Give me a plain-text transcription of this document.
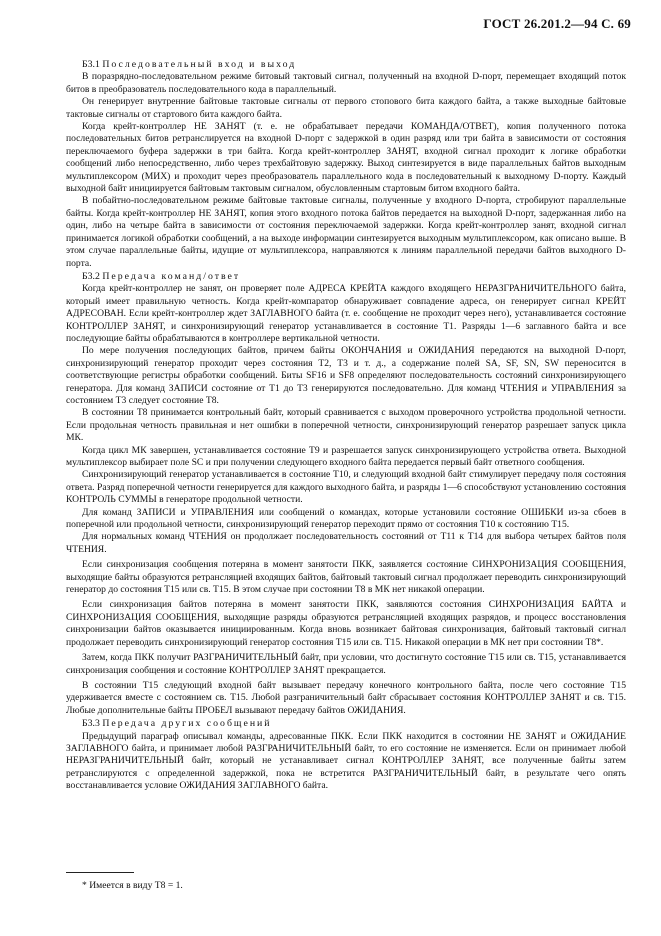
ГОСТ 26.201.2—94 С. 69
Б3.1 Последовательный вход и выход

В поразрядно-последовательном режиме битовый тактовый сигнал, полученный на входной D-порт, перемещает входящий поток битов в преобразователь последовательного кода в параллельный.

Он генерирует внутренние байтовые тактовые сигналы от первого стопового бита каждого байта, а также выходные байтовые тактовые сигналы от стартового бита каждого байта.

Когда крейт-контроллер НЕ ЗАНЯТ (т. е. не обрабатывает передачи КОМАНДА/ОТВЕТ), копия полученного потока последовательных битов ретранслируется на входной D-порт с задержкой в один разряд или три байта в зависимости от состояния переключаемого буфера задержки в три байта. Когда крейт-контроллер ЗАНЯТ, входной сигнал проходит к логике обработки сообщений либо непосредственно, либо через трехбайтовую задержку. Выход синтезируется в виде параллельных байтов выходным мультиплексором (МИХ) и проходит через преобразователь параллельного кода в последовательный к выходному D-порту. Каждый выходной байт инициируется байтовым тактовым сигналом, обусловленным стартовым битом входного байта.

В побайтно-последовательном режиме байтовые тактовые сигналы, полученные у входного D-порта, стробируют параллельные байты. Когда крейт-контроллер НЕ ЗАНЯТ, копия этого входного потока байтов передается на выходной D-порт, задержанная либо на один, либо на четыре байта в зависимости от состояния переключаемой задержки. Когда крейт-контроллер занят, входной сигнал принимается логикой обработки сообщений, а на выходе информации синтезируется выходным мультиплексором, как описано выше. В этом случае параллельные байты, идущие от мультиплексора, направляются к линиям параллельной передачи байтов выходного D-порта.

Б3.2 Передача команд/ответ

Когда крейт-контроллер не занят, он проверяет поле АДРЕСА КРЕЙТА каждого входящего НЕРАЗГРАНИЧИТЕЛЬНОГО байта, который имеет правильную четность. Когда крейт-компаратор обнаруживает совпадение адреса, он генерирует сигнал КРЕЙТ АДРЕСОВАН. Если крейт-контроллер ждет ЗАГЛАВНОГО байта (т. е. сообщение не проходит через него), устанавливается состояние КОНТРОЛЛЕР ЗАНЯТ, и синхронизирующий генератор устанавливается в состояние Т1. Разряды 1—6 заглавного байта и все последующие байты обрабатываются в контроллере вертикальной четности.

По мере получения последующих байтов, причем байты ОКОНЧАНИЯ и ОЖИДАНИЯ передаются на выходной D-порт, синхронизирующий генератор проходит через состояния Т2, Т3 и т. д., а содержание полей SA, SF, SN, SW переносится в соответствующие регистры обработки сообщений. Биты SF16 и SF8 определяют последовательность состояний синхронизирующего генератора. Для команд ЗАПИСИ состояние от Т1 до Т3 генерируются последовательно. Для команд ЧТЕНИЯ и УПРАВЛЕНИЯ за состоянием Т3 следует состояние Т8.

В состоянии Т8 принимается контрольный байт, который сравнивается с выходом проверочного устройства продольной четности. Если продольная четность правильная и нет ошибки в поперечной четности, синхронизирующий генератор разрешает запуск цикла МК.

Когда цикл МК завершен, устанавливается состояние Т9 и разрешается запуск синхронизирующего устройства ответа. Выходной мультиплексор выбирает поле SC и при получении следующего входного байта передается первый байт ответного сообщения.

Синхронизирующий генератор устанавливается в состояние Т10, и следующий входной байт стимулирует передачу поля состояния ответа. Разряд поперечной четности генерируется для каждого выходного байта, и разряды 1—6 способствуют установлению состояния КОНТРОЛЬ СУММЫ в генераторе продольной четности.

Для команд ЗАПИСИ и УПРАВЛЕНИЯ или сообщений о командах, которые установили состояние ОШИБКИ из-за сбоев в поперечной или продольной четности, синхронизирующий генератор переходит прямо от состояния Т10 к состоянию Т15.

Для нормальных команд ЧТЕНИЯ он продолжает последовательность состояний от Т11 к Т14 для выбора четырех байтов поля ЧТЕНИЯ.

Если синхронизация сообщения потеряна в момент занятости ПКК, заявляется состояние СИНХРОНИЗАЦИЯ СООБЩЕНИЯ, выходящие байты образуются ретрансляцией входящих байтов, байтовый тактовый сигнал продолжает переводить синхронизирующий генератор до состояния Т15 или св. Т15. В этом случае при состоянии Т8 в МК нет никакой операции.

Если синхронизация байтов потеряна в момент занятости ПКК, заявляются состояния СИНХРОНИЗАЦИЯ БАЙТА и СИНХРОНИЗАЦИЯ СООБЩЕНИЯ, выходящие разряды образуются ретрансляцией входящих разрядов, и процесс восстановления синхронизации байтов оказывается инициированным. Когда вновь возникает байтовая синхронизация, байтовый тактовый сигнал продолжает переводить синхронизирующий генератор состояния Т15 или св. Т15. Никакой операции в МК нет при состоянии Т8*.

Затем, когда ПКК получит РАЗГРАНИЧИТЕЛЬНЫЙ байт, при условии, что достигнуто состояние Т15 или св. Т15, устанавливается синхронизация сообщения и состояние КОНТРОЛЛЕР ЗАНЯТ прекращается.

В состоянии Т15 следующий входной байт вызывает передачу конечного контрольного байта, после чего состояние Т15 удерживается вместе с состоянием св. Т15. Любой разграничительный байт сбрасывает состояния КОНТРОЛЛЕР ЗАНЯТ и св. Т15. Любые дополнительные байты ПРОБЕЛ вызывают передачу байтов ОЖИДАНИЯ.

Б3.3 Передача других сообщений

Предыдущий параграф описывал команды, адресованные ПКК. Если ПКК находится в состоянии НЕ ЗАНЯТ и ОЖИДАНИЕ ЗАГЛАВНОГО байта, и принимает любой РАЗГРАНИЧИТЕЛЬНЫЙ байт, то его состояние не изменяется. Если он принимает любой НЕРАЗГРАНИЧИТЕЛЬНЫЙ байт, который не устанавливает сигнал КОНТРОЛЛЕР ЗАНЯТ, все полученные байты затем ретранслируются с определенной задержкой, пока не встретится РАЗГРАНИЧИТЕЛЬНЫЙ байт, в результате чего опять восстанавливается условие ОЖИДАНИЯ ЗАГЛАВНОГО байта.

* Имеется в виду Т8 = 1.
